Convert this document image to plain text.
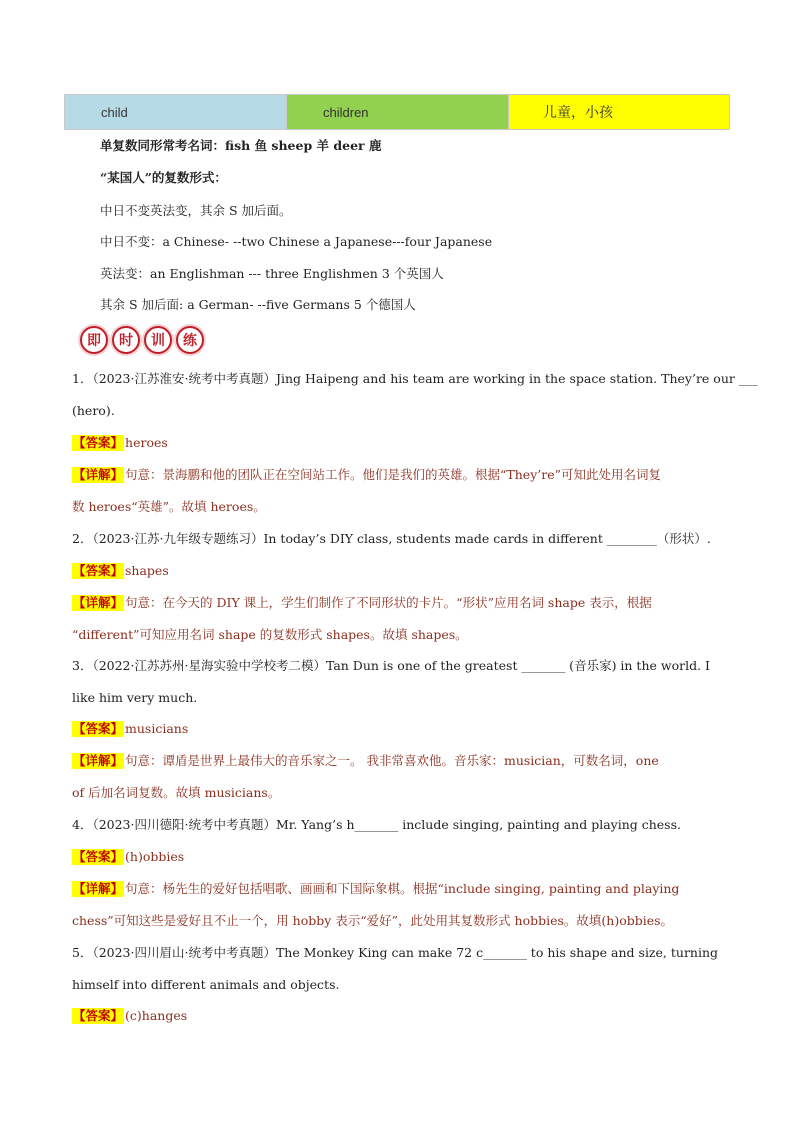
child	children	儿童，小孩
单复数同形常考名词：fish 鱼 sheep 羊 deer 鹿
“某国人”的复数形式：
中日不变英法变，其余 S 加后面。
中日不变：a Chinese- --two Chinese a Japanese---four Japanese
英法变：an Englishman --- three Englishmen 3 个英国人
其余 S 加后面: a German- --five Germans 5 个德国人
即	时	训	练
1．（2023·江苏淮安·统考中考真题）Jing Haipeng and his team are working in the space station. They’re our ___
(hero).
【答案】 heroes
【详解】 句意：景海鹏和他的团队正在空间站工作。他们是我们的英雄。根据“They’re”可知此处用名词复
数 heroes“英雄”。故填 heroes。
2．（2023·江苏·九年级专题练习）In today’s DIY class, students made cards in different ________（形状）.
【答案】 shapes
【详解】 句意：在今天的 DIY 课上，学生们制作了不同形状的卡片。“形状”应用名词 shape 表示，根据
“different”可知应用名词 shape 的复数形式 shapes。故填 shapes。
3．（2022·江苏苏州·星海实验中学校考二模）Tan Dun is one of the greatest _______ (音乐家) in the world. I
like him very much.
【答案】 musicians
【详解】 句意：谭盾是世界上最伟大的音乐家之一。 我非常喜欢他。音乐家：musician，可数名词，one
of 后加名词复数。故填 musicians。
4．（2023·四川德阳·统考中考真题）Mr. Yang’s h_______ include singing, painting and playing chess.
【答案】 (h)obbies
【详解】 句意：杨先生的爱好包括唱歌、画画和下国际象棋。根据“include singing, painting and playing
chess”可知这些是爱好且不止一个，用 hobby 表示“爱好”，此处用其复数形式 hobbies。故填(h)obbies。
5．（2023·四川眉山·统考中考真题）The Monkey King can make 72 c_______ to his shape and size, turning
himself into different animals and objects.
【答案】 (c)hanges
